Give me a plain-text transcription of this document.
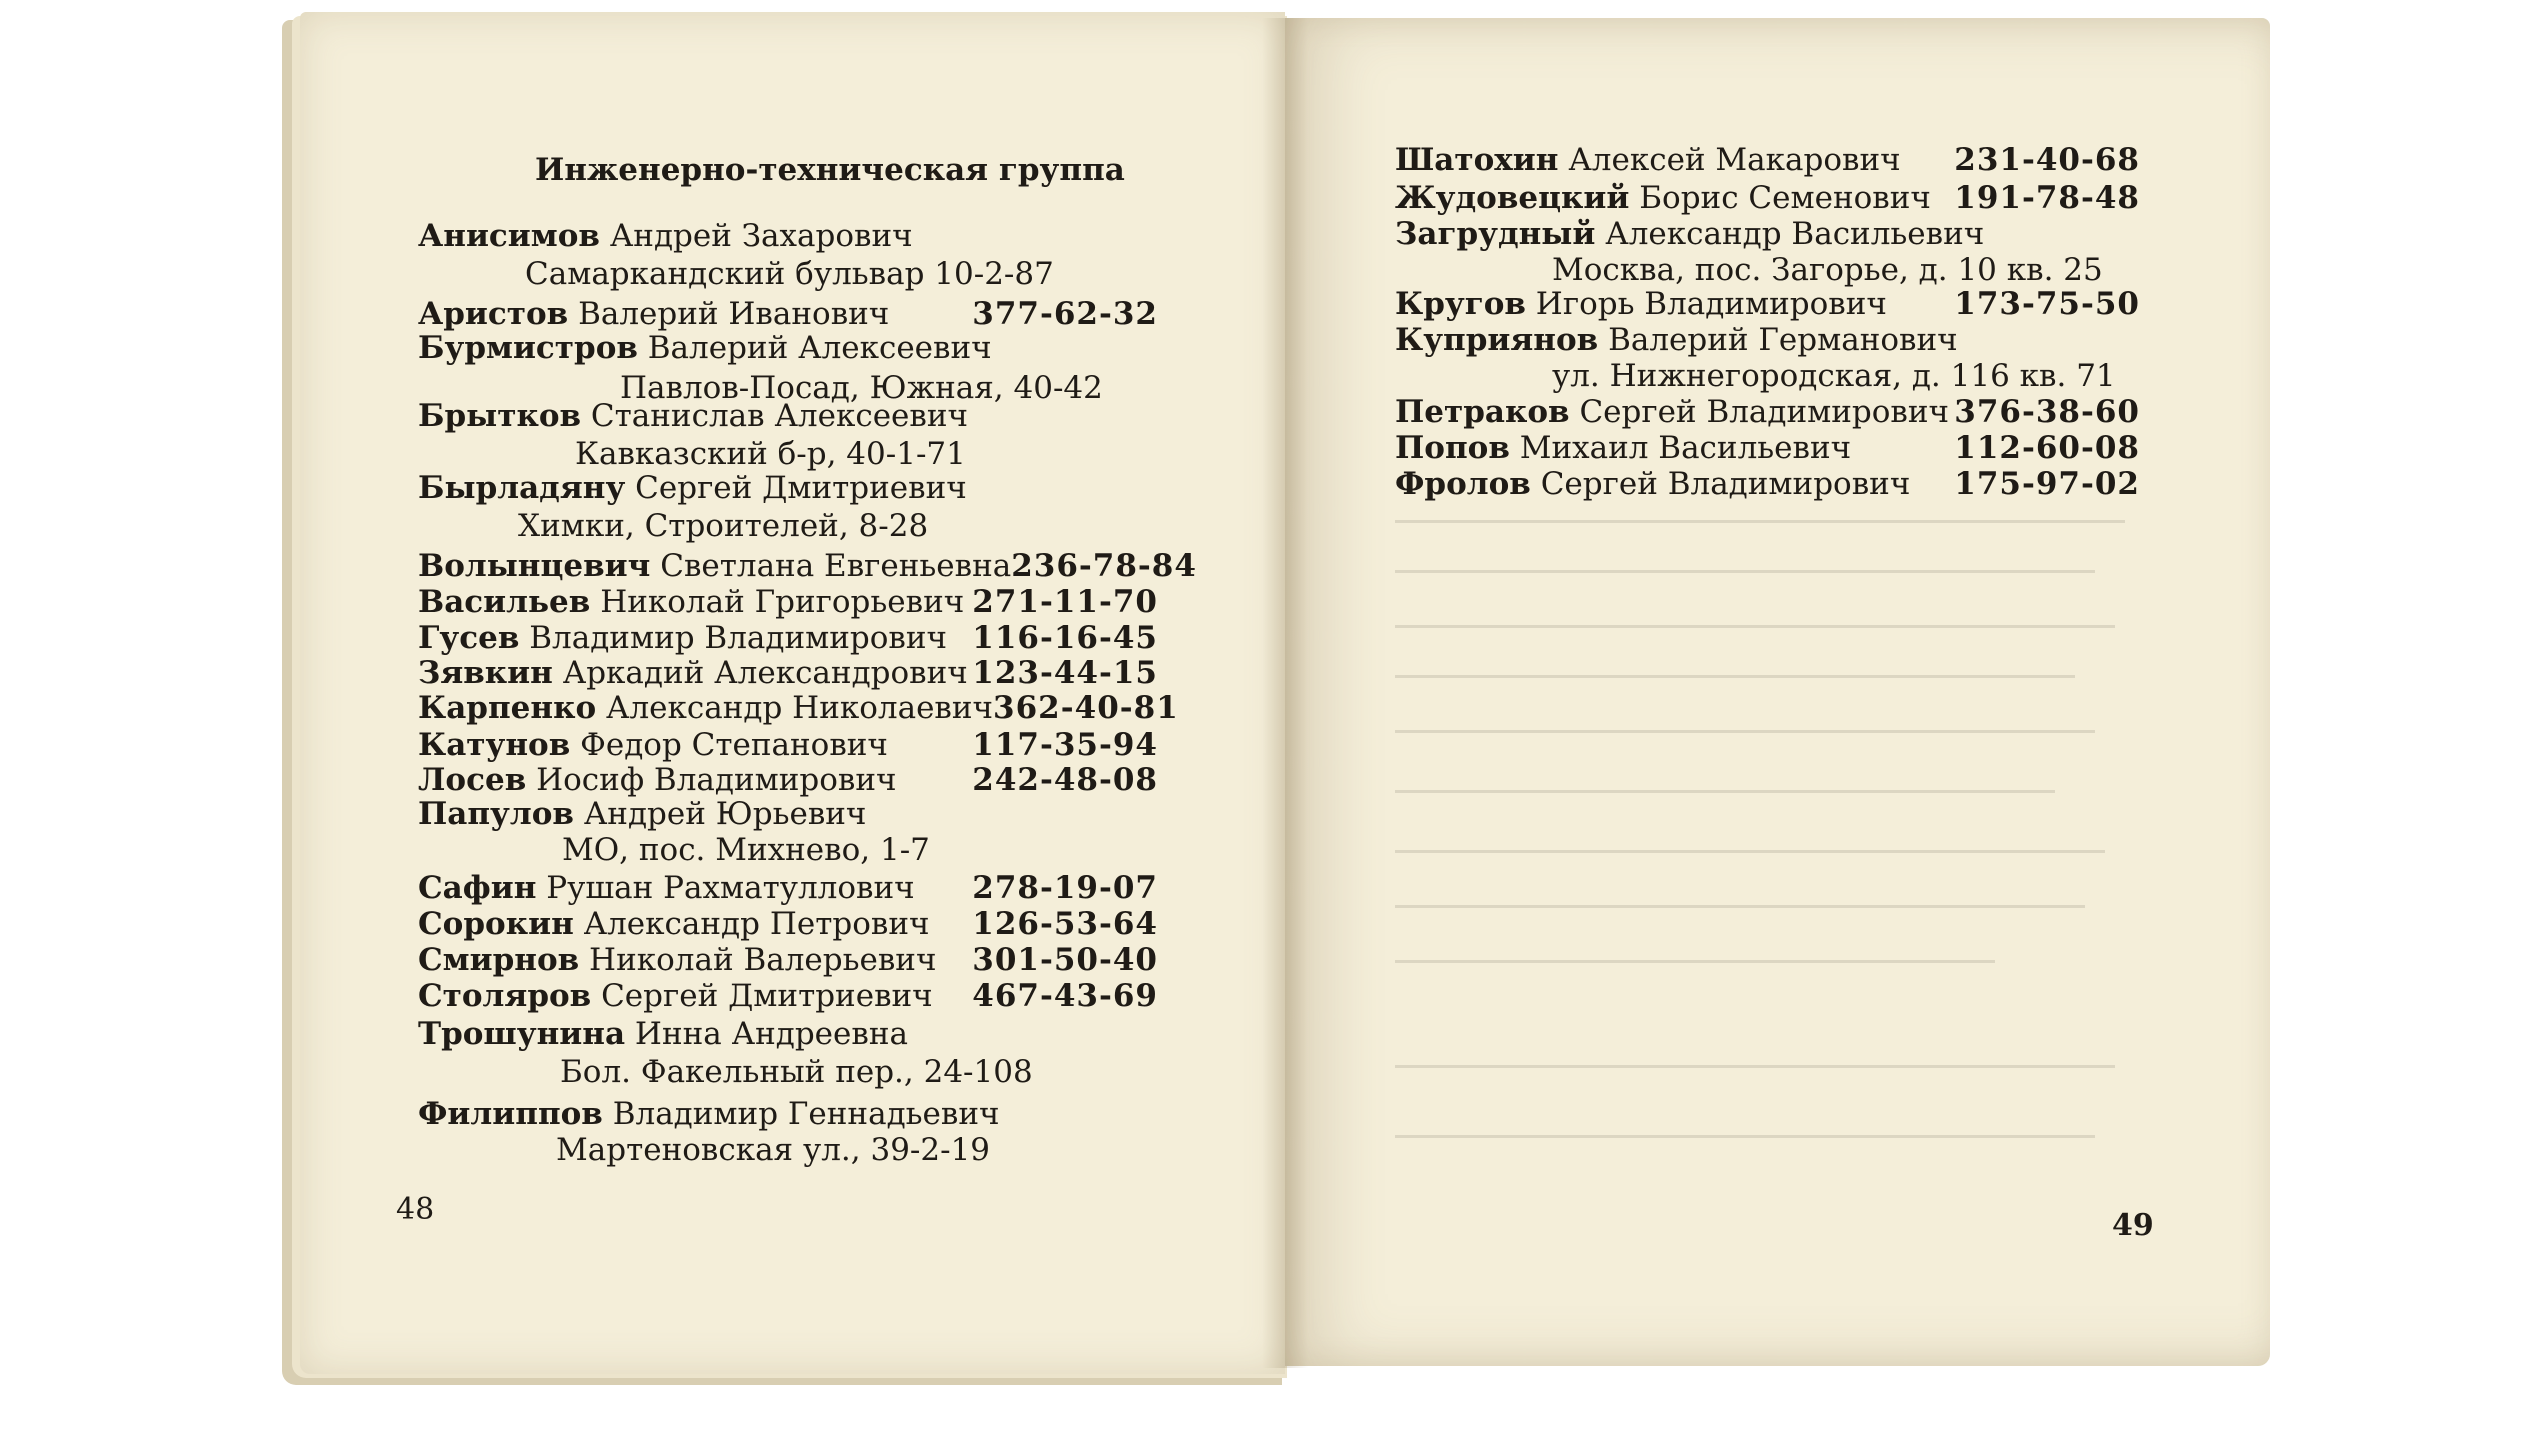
Инженерно-техническая группа
Анисимов Андрей Захарович
Самаркандский бульвар 10-2-87
Аристов Валерий Иванович	377-62-32
Бурмистров Валерий Алексеевич
Павлов-Посад, Южная, 40-42
Брытков Станислав Алексеевич
Кавказский б-р, 40-1-71
Бырладяну Сергей Дмитриевич
Химки, Строителей, 8-28
Волынцевич Светлана Евгеньевна 236-78-84
Васильев Николай Григорьевич 271-11-70
Гусев Владимир Владимирович 116-16-45
Зявкин Аркадий Александрович 123-44-15
Карпенко Александр Николаевич 362-40-81
Катунов Федор Степанович	117-35-94
Лосев Иосиф Владимирович 242-48-08
Папулов Андрей Юрьевич
МО, пос. Михнево, 1-7
Сафин Рушан Рахматуллович 278-19-07
Сорокин Александр Петрович 126-53-64
Смирнов Николай Валерьевич 301-50-40
Столяров Сергей Дмитриевич 467-43-69
Трошунина Инна Андреевна
Бол. Факельный пер., 24-108
Филиппов Владимир Геннадьевич
Мартеновская ул., 39-2-19
48
Шатохин Алексей Макарович 231-40-68
Жудовецкий Борис Семенович 191-78-48
Загрудный Александр Васильевич
Москва, пос. Загорье, д. 10 кв. 25
Кругов Игорь Владимирович 173-75-50
Куприянов Валерий Германович
ул. Нижнегородская, д. 116 кв. 71
Петраков Сергей Владимирович 376-38-60
Попов Михаил Васильевич	112-60-08
Фролов Сергей Владимирович 175-97-02
49
